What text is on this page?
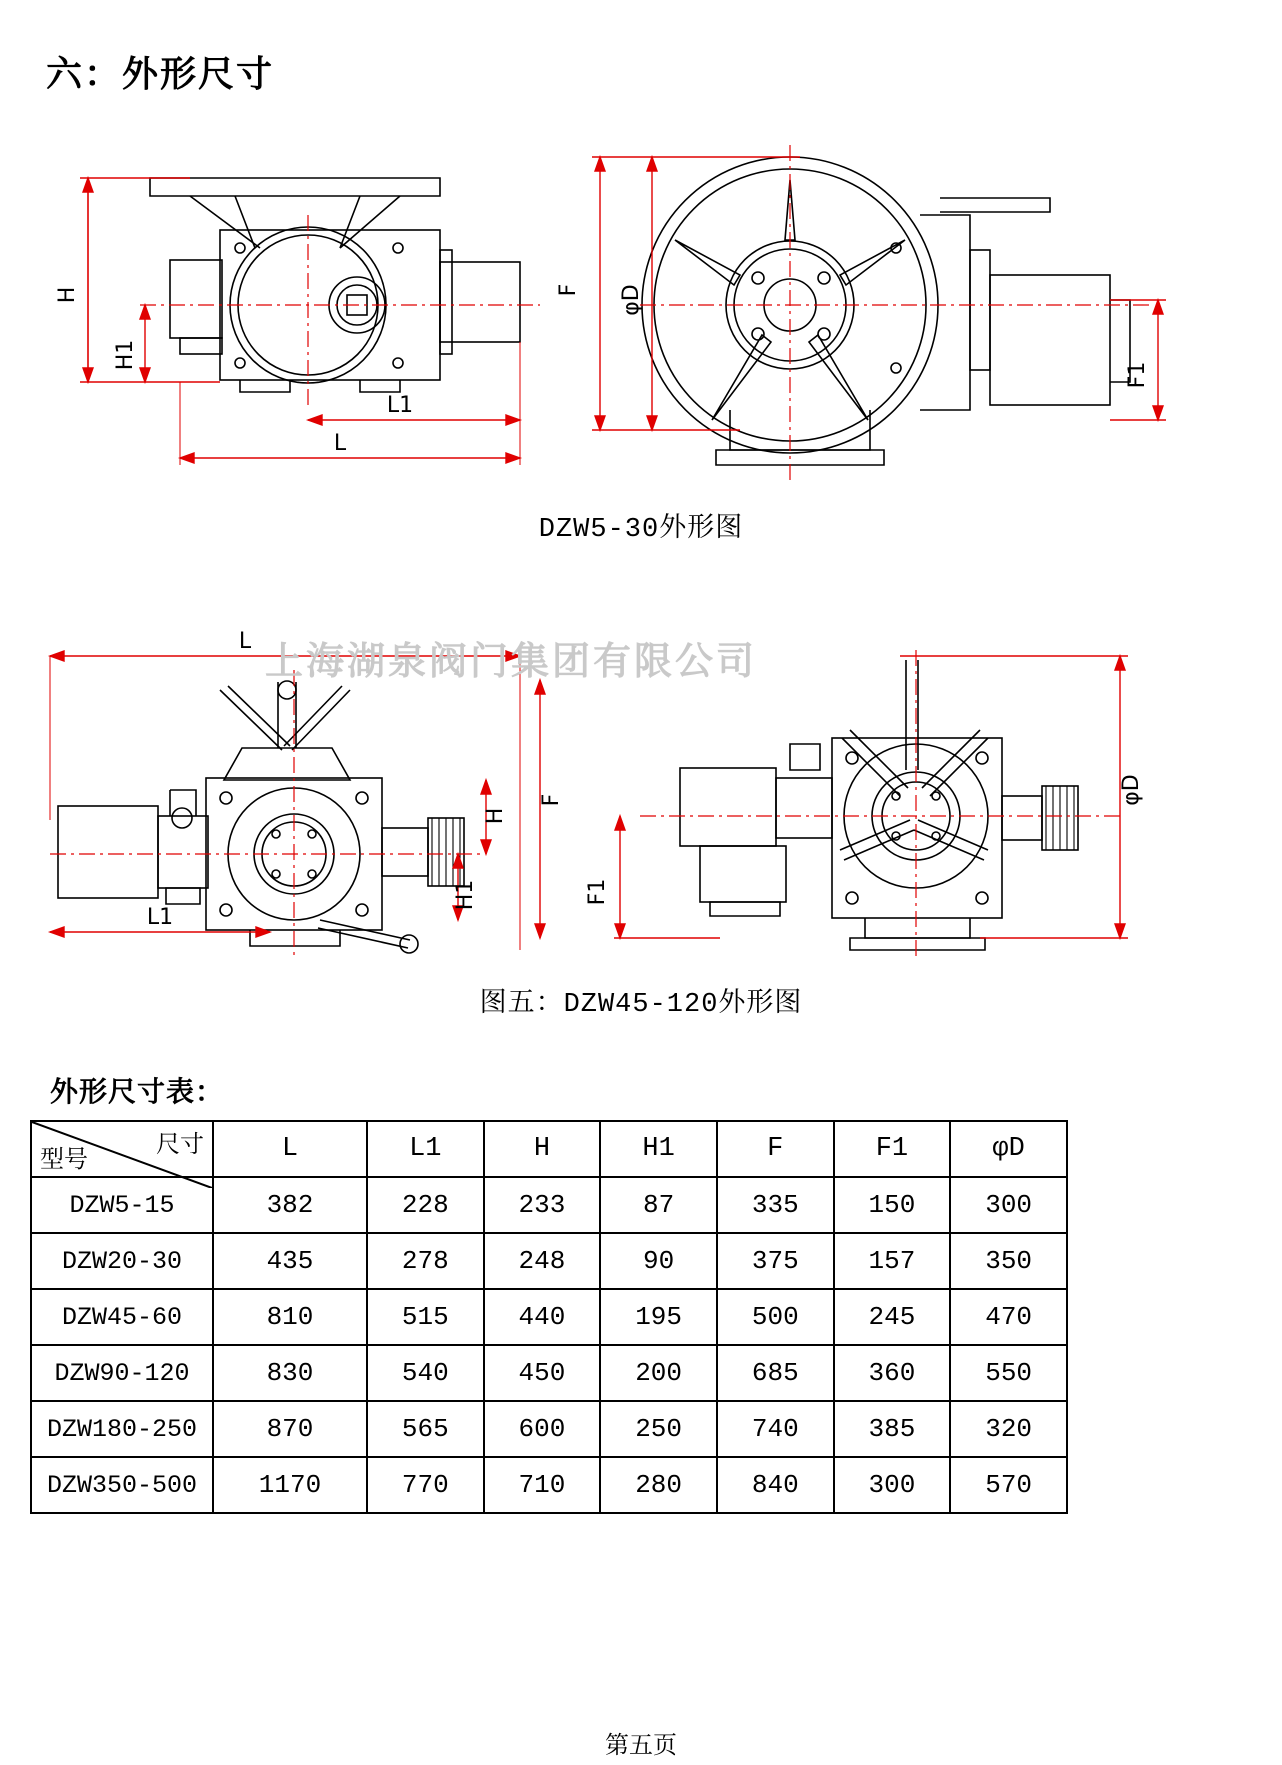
六：外形尺寸
H
H1
L1
L
φD
F
F1
DZW5-30外形图
L
L1
H
H1
F
F1
φD
上海湖泉阀门集团有限公司
图五：DZW45-120外形图
外形尺寸表：
尺寸
型号	L	L1	H	H1	F	F1	φD
DZW5-15	382	228	233	87	335	150	300
DZW20-30	435	278	248	90	375	157	350
DZW45-60	810	515	440	195	500	245	470
DZW90-120	830	540	450	200	685	360	550
DZW180-250	870	565	600	250	740	385	320
DZW350-500	1170	770	710	280	840	300	570
第五页
